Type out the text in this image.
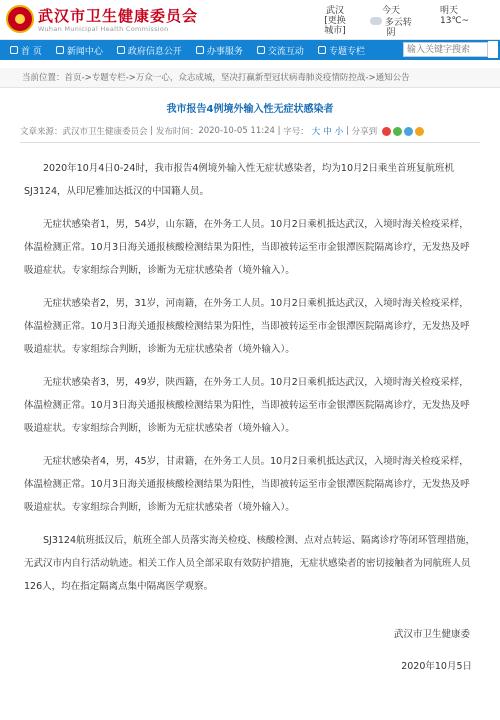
武汉市卫生健康委员会
Wuhan Municipal Health Commission
武汉
[更换城市]
今天
多云转阴
明天
13℃~
首 页	新闻中心	政府信息公开	办事服务	交流互动	专题专栏
输入关键字搜索
当前位置：首页->专题专栏->万众一心，众志成城，坚决打赢新型冠状病毒肺炎疫情防控战->通知公告
我市报告4例境外输入性无症状感染者
文章来源： 武汉市卫生健康委员会 | 发布时间： 2020-10-05 11:24 | 字号： 大 中 小 | 分享到

2020年10月4日0-24时，我市报告4例境外输入性无症状感染者，均为10月2日乘坐首班复航班机SJ3124，从印尼雅加达抵汉的中国籍人员。

无症状感染者1，男，54岁，山东籍，在外务工人员。10月2日乘机抵达武汉，入境时海关检疫采样，体温检测正常。10月3日海关通报核酸检测结果为阳性，当即被转运至市金银潭医院隔离诊疗，无发热及呼吸道症状。专家组综合判断，诊断为无症状感染者（境外输入）。

无症状感染者2，男，31岁，河南籍，在外务工人员。10月2日乘机抵达武汉，入境时海关检疫采样，体温检测正常。10月3日海关通报核酸检测结果为阳性，当即被转运至市金银潭医院隔离诊疗，无发热及呼吸道症状。专家组综合判断，诊断为无症状感染者（境外输入）。

无症状感染者3，男，49岁，陕西籍，在外务工人员。10月2日乘机抵达武汉，入境时海关检疫采样，体温检测正常。10月3日海关通报核酸检测结果为阳性，当即被转运至市金银潭医院隔离诊疗，无发热及呼吸道症状。专家组综合判断，诊断为无症状感染者（境外输入）。

无症状感染者4，男，45岁，甘肃籍，在外务工人员。10月2日乘机抵达武汉，入境时海关检疫采样，体温检测正常。10月3日海关通报核酸检测结果为阳性，当即被转运至市金银潭医院隔离诊疗，无发热及呼吸道症状。专家组综合判断，诊断为无症状感染者（境外输入）。

SJ3124航班抵汉后，航班全部人员落实海关检疫、核酸检测、点对点转运、隔离诊疗等闭环管理措施，无武汉市内自行活动轨迹。相关工作人员全部采取有效防护措施，无症状感染者的密切接触者为同航班人员126人，均在指定隔离点集中隔离医学观察。

武汉市卫生健康委
2020年10月5日
